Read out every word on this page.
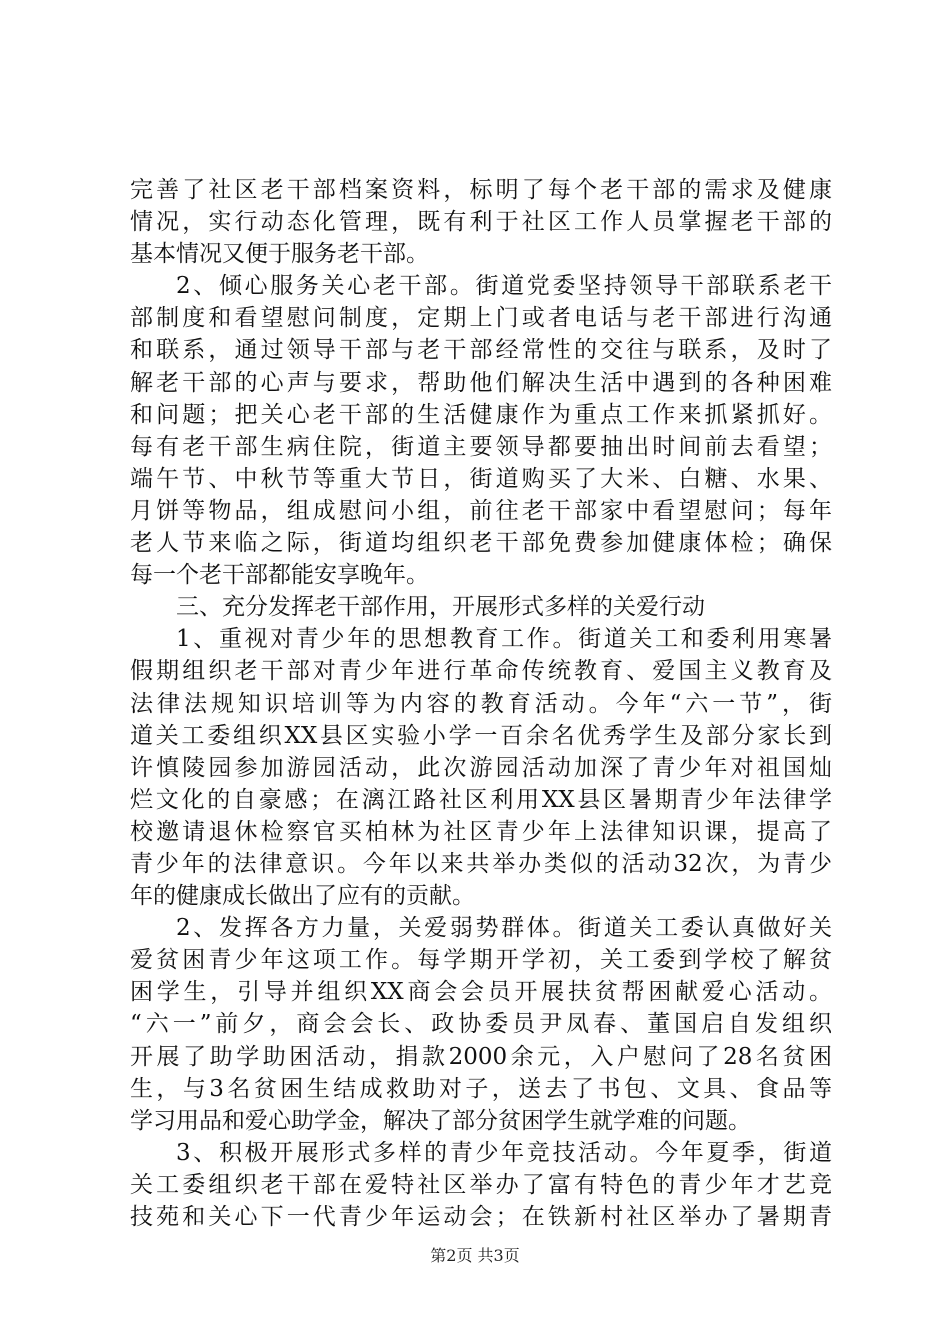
完善了社区老干部档案资料，标明了每个老干部的需求及健康
情况，实行动态化管理，既有利于社区工作人员掌握老干部的
基本情况又便于服务老干部。
2、倾心服务关心老干部。街道党委坚持领导干部联系老干
部制度和看望慰问制度，定期上门或者电话与老干部进行沟通
和联系，通过领导干部与老干部经常性的交往与联系，及时了
解老干部的心声与要求，帮助他们解决生活中遇到的各种困难
和问题；把关心老干部的生活健康作为重点工作来抓紧抓好。
每有老干部生病住院，街道主要领导都要抽出时间前去看望；
端午节、中秋节等重大节日，街道购买了大米、白糖、水果、
月饼等物品，组成慰问小组，前往老干部家中看望慰问；每年
老人节来临之际，街道均组织老干部免费参加健康体检；确保
每一个老干部都能安享晚年。
三、充分发挥老干部作用，开展形式多样的关爱行动
1、重视对青少年的思想教育工作。街道关工和委利用寒暑
假期组织老干部对青少年进行革命传统教育、爱国主义教育及
法律法规知识培训等为内容的教育活动。今年“六一节”，街
道关工委组织XX县区实验小学一百余名优秀学生及部分家长到
许慎陵园参加游园活动，此次游园活动加深了青少年对祖国灿
烂文化的自豪感；在漓江路社区利用XX县区暑期青少年法律学
校邀请退休检察官买柏林为社区青少年上法律知识课，提高了
青少年的法律意识。今年以来共举办类似的活动32次，为青少
年的健康成长做出了应有的贡献。
2、发挥各方力量，关爱弱势群体。街道关工委认真做好关
爱贫困青少年这项工作。每学期开学初，关工委到学校了解贫
困学生，引导并组织XX商会会员开展扶贫帮困献爱心活动。
“六一”前夕，商会会长、政协委员尹凤春、董国启自发组织
开展了助学助困活动，捐款2000余元，入户慰问了28名贫困
生，与3名贫困生结成救助对子，送去了书包、文具、食品等
学习用品和爱心助学金，解决了部分贫困学生就学难的问题。
3、积极开展形式多样的青少年竞技活动。今年夏季，街道
关工委组织老干部在爱特社区举办了富有特色的青少年才艺竞
技苑和关心下一代青少年运动会；在铁新村社区举办了暑期青
第2页 共3页
